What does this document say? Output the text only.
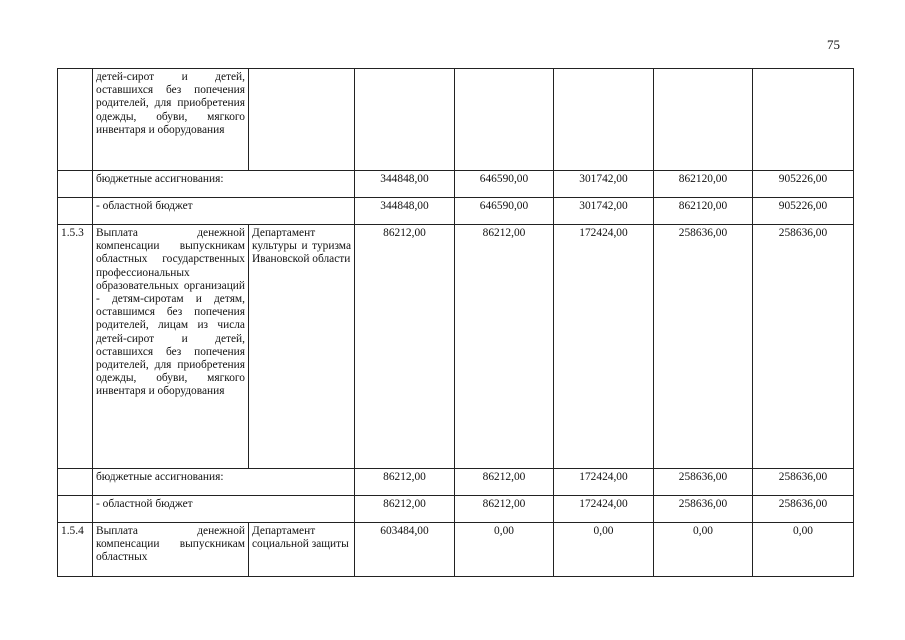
75
	детей-сирот и детей, оставшихся без попечения родителей, для приобретения одежды, обуви, мягкого инвентаря и оборудования						
	бюджетные ассигнования:		344848,00	646590,00	301742,00	862120,00	905226,00
	- областной бюджет		344848,00	646590,00	301742,00	862120,00	905226,00
1.5.3	Выплата денежной компенсации выпускникам областных государственных профессиональных образовательных организаций - детям-сиротам и детям, оставшимся без попечения родителей, лицам из числа детей-сирот и детей, оставшихся без попечения родителей, для приобретения одежды, обуви, мягкого инвентаря и оборудования	Департамент культуры и туризма Ивановской области	86212,00	86212,00	172424,00	258636,00	258636,00
	бюджетные ассигнования:		86212,00	86212,00	172424,00	258636,00	258636,00
	- областной бюджет		86212,00	86212,00	172424,00	258636,00	258636,00
1.5.4	Выплата денежной компенсации выпускникам областных	Департамент социальной защиты	603484,00	0,00	0,00	0,00	0,00
